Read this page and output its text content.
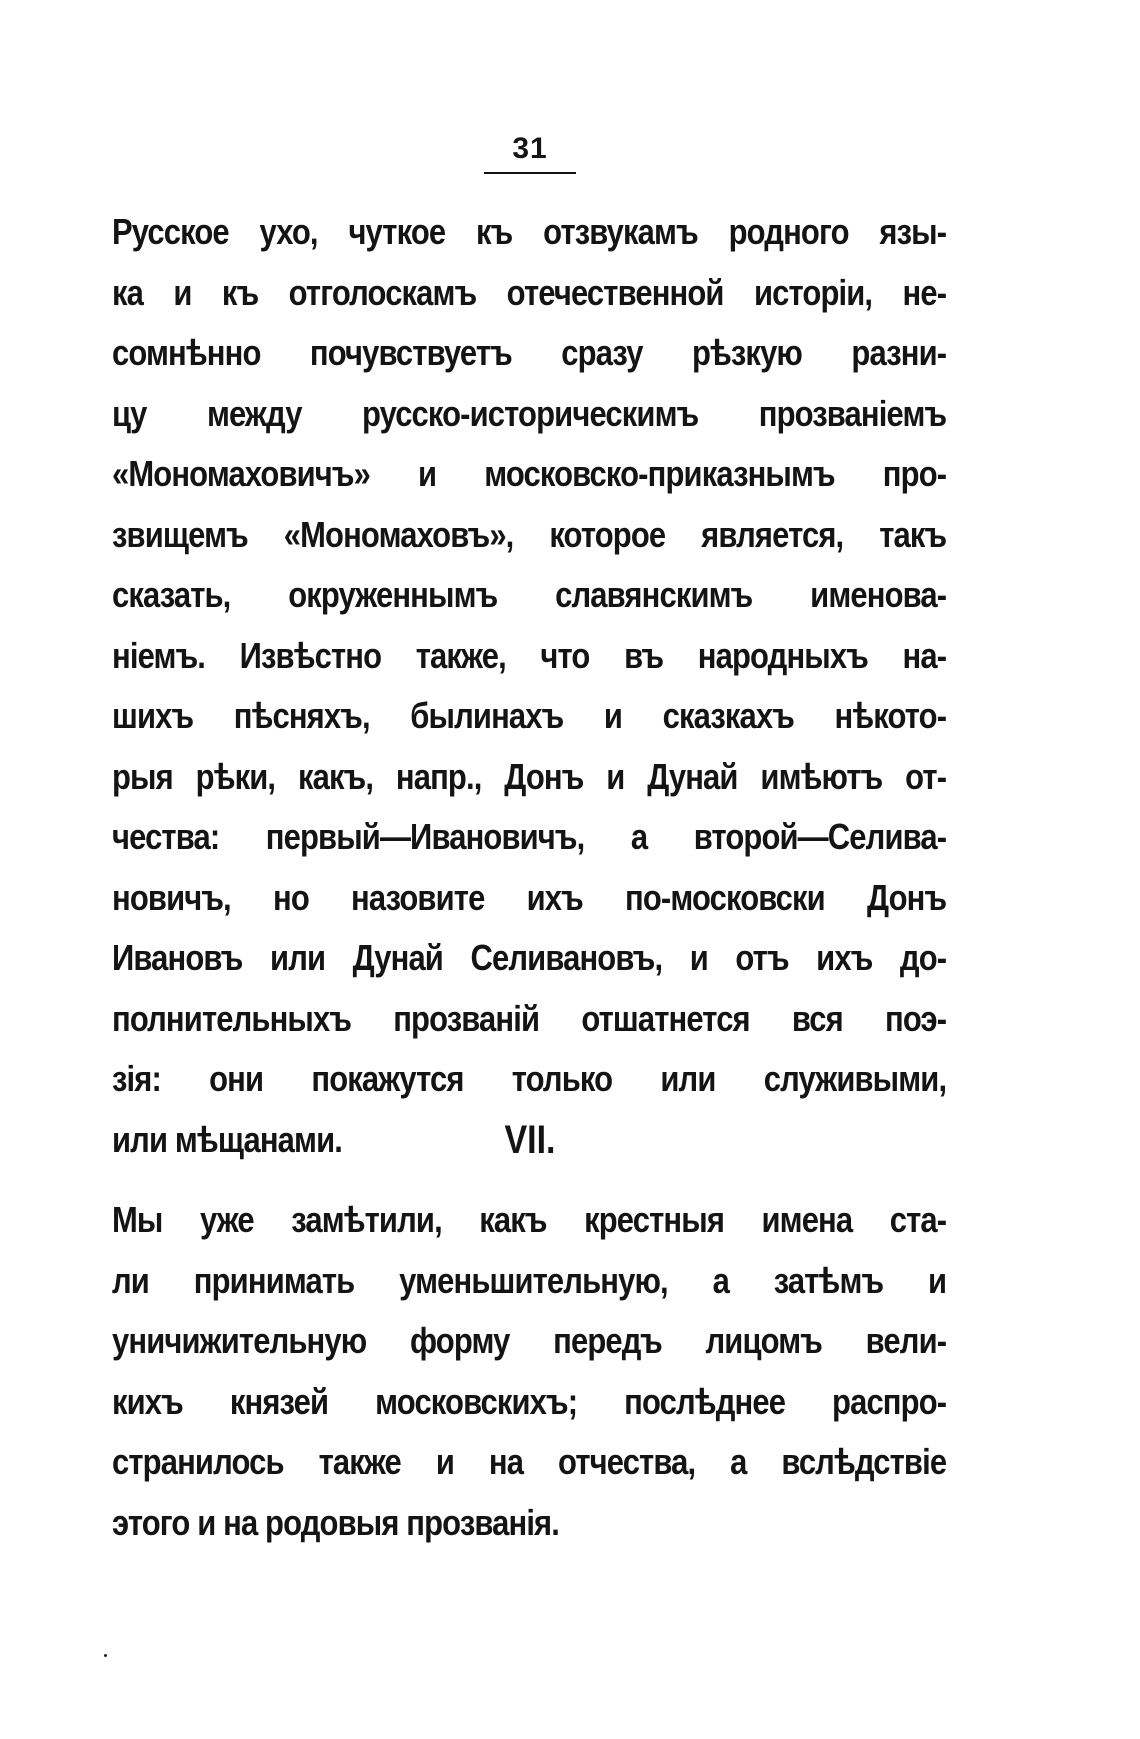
31
Русское ухо, чуткое къ отзвукамъ родного язы-
ка и къ отголоскамъ отечественной исторіи, не-
сомнѣнно почувствуетъ сразу рѣзкую разни-
цу между русско-историческимъ прозваніемъ
«Мономаховичъ» и московско-приказнымъ про-
звищемъ «Мономаховъ», которое является, такъ
сказать, окруженнымъ славянскимъ именова-
ніемъ. Извѣстно также, что въ народныхъ на-
шихъ пѣсняхъ, былинахъ и сказкахъ нѣкото-
рыя рѣки, какъ, напр., Донъ и Дунай имѣютъ от-
чества: первый—Ивановичъ, а второй—Селива-
новичъ, но назовите ихъ по-московски Донъ
Ивановъ или Дунай Селивановъ, и отъ ихъ до-
полнительныхъ прозваній отшатнется вся поэ-
зія: они покажутся только или служивыми,
или мѣщанами.	VII.
Мы уже замѣтили, какъ крестныя имена ста-
ли принимать уменьшительную, а затѣмъ и
уничижительную форму передъ лицомъ вели-
кихъ князей московскихъ; послѣднее распро-
странилось также и на отчества, а вслѣдствіе
этого и на родовыя прозванія.
